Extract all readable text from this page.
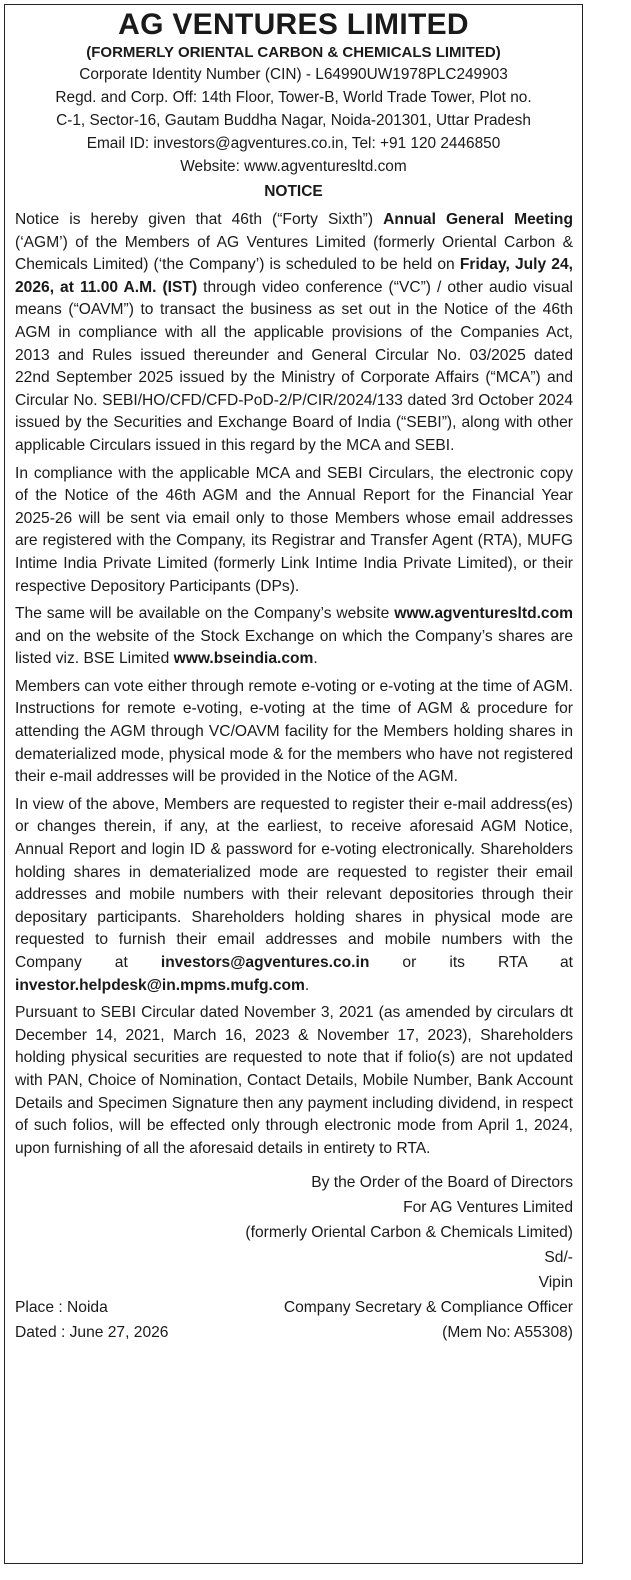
AG VENTURES LIMITED
(FORMERLY ORIENTAL CARBON & CHEMICALS LIMITED)
Corporate Identity Number (CIN) - L64990UW1978PLC249903
Regd. and Corp. Off: 14th Floor, Tower-B, World Trade Tower, Plot no.
C-1, Sector-16, Gautam Buddha Nagar, Noida-201301, Uttar Pradesh
Email ID: investors@agventures.co.in, Tel: +91 120 2446850
Website: www.agventuresltd.com
NOTICE

Notice is hereby given that 46th (“Forty Sixth”) Annual General Meeting (‘AGM’) of the Members of AG Ventures Limited (formerly Oriental Carbon & Chemicals Limited) (‘the Company’) is scheduled to be held on Friday, July 24, 2026, at 11.00 A.M. (IST) through video conference (“VC”) / other audio visual means (“OAVM”) to transact the business as set out in the Notice of the 46th AGM in compliance with all the applicable provisions of the Companies Act, 2013 and Rules issued thereunder and General Circular No. 03/2025 dated 22nd September 2025 issued by the Ministry of Corporate Affairs (“MCA”) and Circular No. SEBI/HO/CFD/CFD-PoD-2/P/CIR/2024/133 dated 3rd October 2024 issued by the Securities and Exchange Board of India (“SEBI”), along with other applicable Circulars issued in this regard by the MCA and SEBI.

In compliance with the applicable MCA and SEBI Circulars, the electronic copy of the Notice of the 46th AGM and the Annual Report for the Financial Year 2025-26 will be sent via email only to those Members whose email addresses are registered with the Company, its Registrar and Transfer Agent (RTA), MUFG Intime India Private Limited (formerly Link Intime India Private Limited), or their respective Depository Participants (DPs).

The same will be available on the Company’s website www.agventuresltd.com and on the website of the Stock Exchange on which the Company’s shares are listed viz. BSE Limited www.bseindia.com.

Members can vote either through remote e-voting or e-voting at the time of AGM. Instructions for remote e-voting, e-voting at the time of AGM & procedure for attending the AGM through VC/OAVM facility for the Members holding shares in dematerialized mode, physical mode & for the members who have not registered their e-mail addresses will be provided in the Notice of the AGM.

In view of the above, Members are requested to register their e-mail address(es) or changes therein, if any, at the earliest, to receive aforesaid AGM Notice, Annual Report and login ID & password for e-voting electronically. Shareholders holding shares in dematerialized mode are requested to register their email addresses and mobile numbers with their relevant depositories through their depositary participants. Shareholders holding shares in physical mode are requested to furnish their email addresses and mobile numbers with the Company at investors@agventures.co.in or its RTA at investor.helpdesk@in.mpms.mufg.com.

Pursuant to SEBI Circular dated November 3, 2021 (as amended by circulars dt December 14, 2021, March 16, 2023 & November 17, 2023), Shareholders holding physical securities are requested to note that if folio(s) are not updated with PAN, Choice of Nomination, Contact Details, Mobile Number, Bank Account Details and Specimen Signature then any payment including dividend, in respect of such folios, will be effected only through electronic mode from April 1, 2024, upon furnishing of all the aforesaid details in entirety to RTA.

By the Order of the Board of Directors
For AG Ventures Limited
(formerly Oriental Carbon & Chemicals Limited)
Sd/-
Vipin
Place : Noida
Dated : June 27, 2026
Company Secretary & Compliance Officer
(Mem No: A55308)
